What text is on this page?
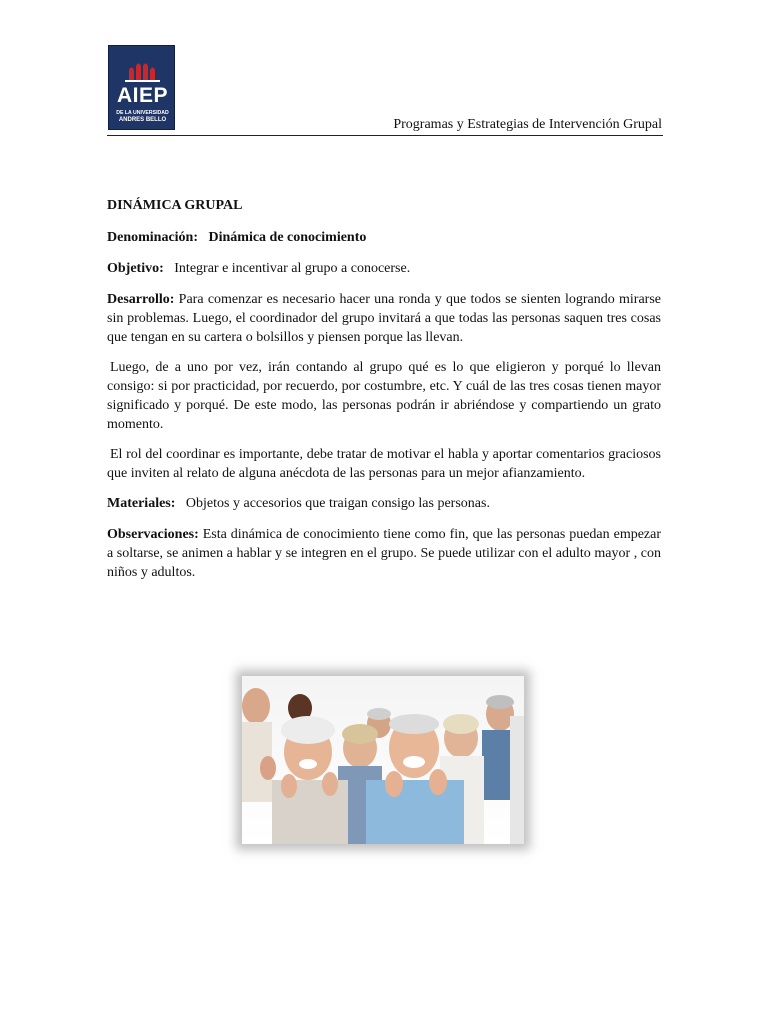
AIEP
DE LA UNIVERSIDAD
ANDRES BELLO	Programas y Estrategias de Intervención Grupal

DINÁMICA GRUPAL

Denominación: Dinámica de conocimiento

Objetivo: Integrar e incentivar al grupo a conocerse.

Desarrollo: Para comenzar es necesario hacer una ronda y que todos se sienten logrando mirarse sin problemas. Luego, el coordinador del grupo invitará a que todas las personas saquen tres cosas que tengan en su cartera o bolsillos y piensen porque las llevan.

Luego, de a uno por vez, irán contando al grupo qué es lo que eligieron y porqué lo llevan consigo: si por practicidad, por recuerdo, por costumbre, etc. Y cuál de las tres cosas tienen mayor significado y porqué. De este modo, las personas podrán ir abriéndose y compartiendo un grato momento.

El rol del coordinar es importante, debe tratar de motivar el habla y aportar comentarios graciosos que inviten al relato de alguna anécdota de las personas para un mejor afianzamiento.

Materiales: Objetos y accesorios que traigan consigo las personas.

Observaciones: Esta dinámica de conocimiento tiene como fin, que las personas puedan empezar a soltarse, se animen a hablar y se integren en el grupo. Se puede utilizar con el adulto mayor , con niños y adultos.
